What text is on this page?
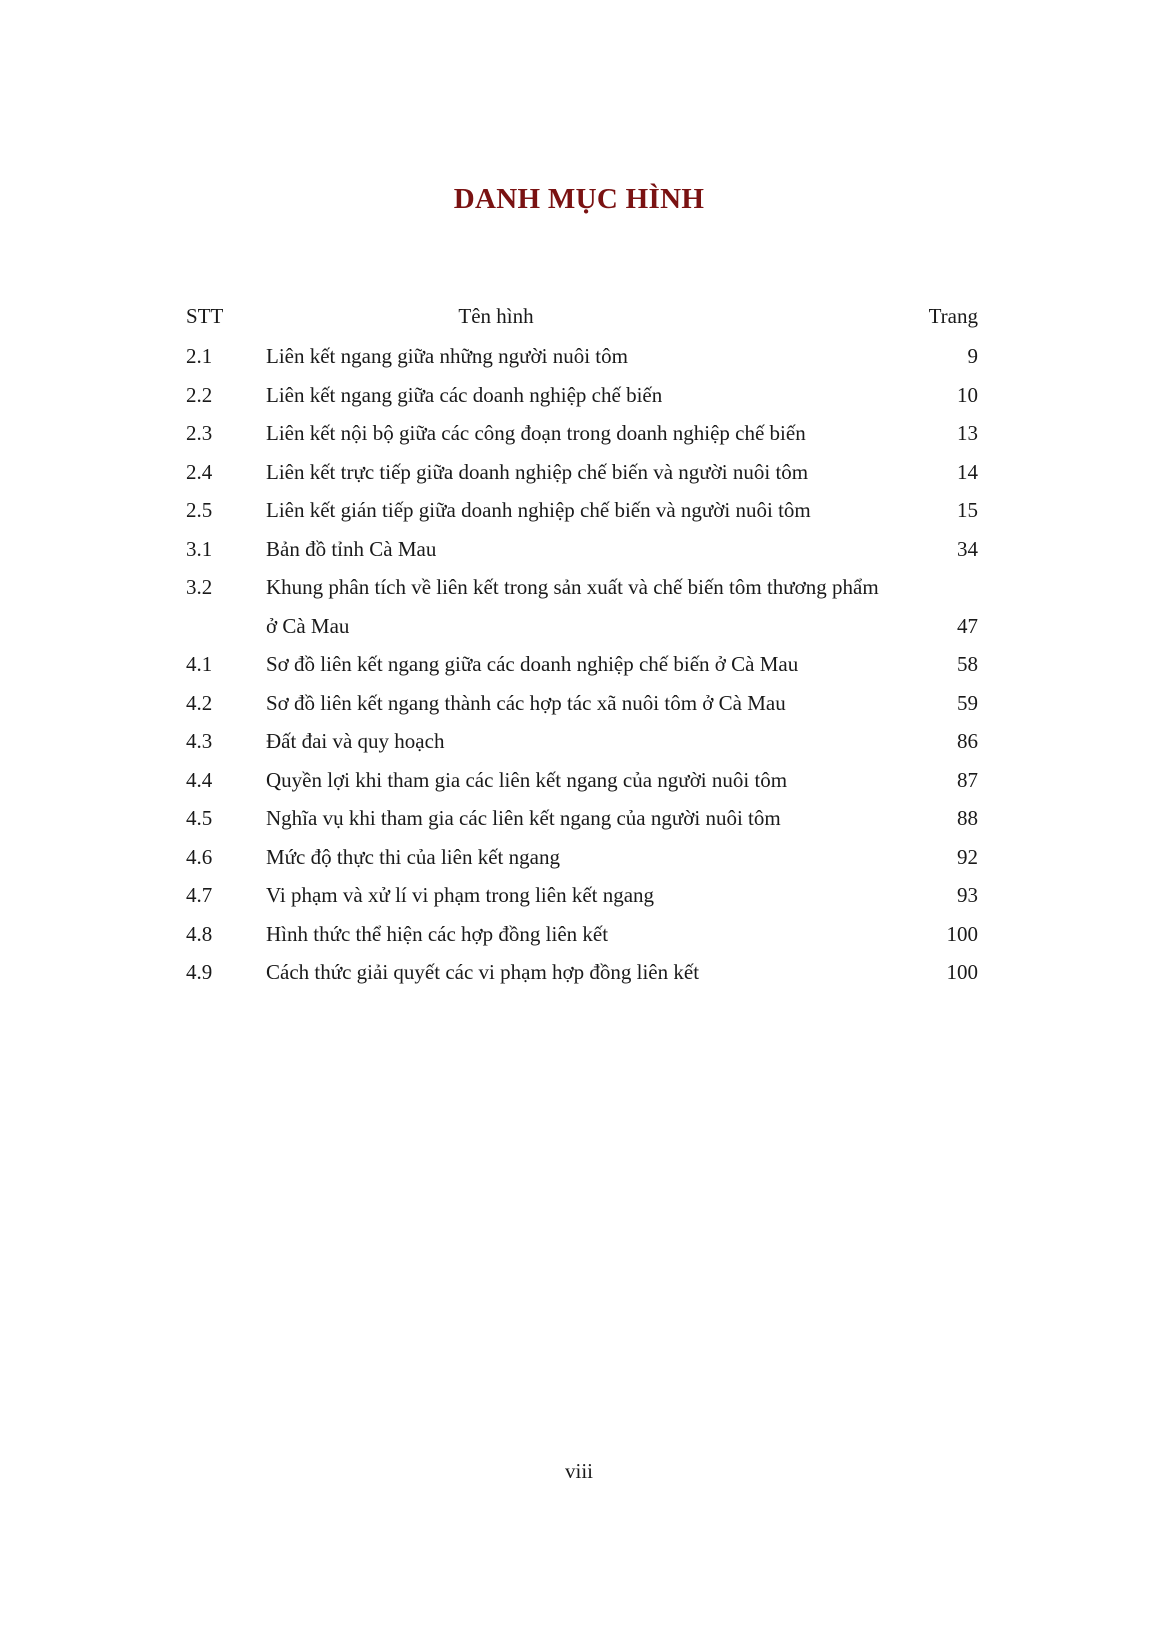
DANH MỤC HÌNH
STT	Tên hình	Trang
2.1	Liên kết ngang giữa những người nuôi tôm	9
2.2	Liên kết ngang giữa các doanh nghiệp chế biến	10
2.3	Liên kết nội bộ giữa các công đoạn trong doanh nghiệp chế biến	13
2.4	Liên kết trực tiếp giữa doanh nghiệp chế biến và người nuôi tôm	14
2.5	Liên kết gián tiếp giữa doanh nghiệp chế biến và người nuôi tôm	15
3.1	Bản đồ tỉnh Cà Mau	34
3.2	Khung phân tích về liên kết trong sản xuất và chế biến tôm thương phẩm
ở Cà Mau	47
4.1	Sơ đồ liên kết ngang giữa các doanh nghiệp chế biến ở Cà Mau	58
4.2	Sơ đồ liên kết ngang thành các hợp tác xã nuôi tôm ở Cà Mau	59
4.3	Đất đai và quy hoạch	86
4.4	Quyền lợi khi tham gia các liên kết ngang của người nuôi tôm	87
4.5	Nghĩa vụ khi tham gia các liên kết ngang của người nuôi tôm	88
4.6	Mức độ thực thi của liên kết ngang	92
4.7	Vi phạm và xử lí vi phạm trong liên kết ngang	93
4.8	Hình thức thể hiện các hợp đồng liên kết	100
4.9	Cách thức giải quyết các vi phạm hợp đồng liên kết	100
viii
